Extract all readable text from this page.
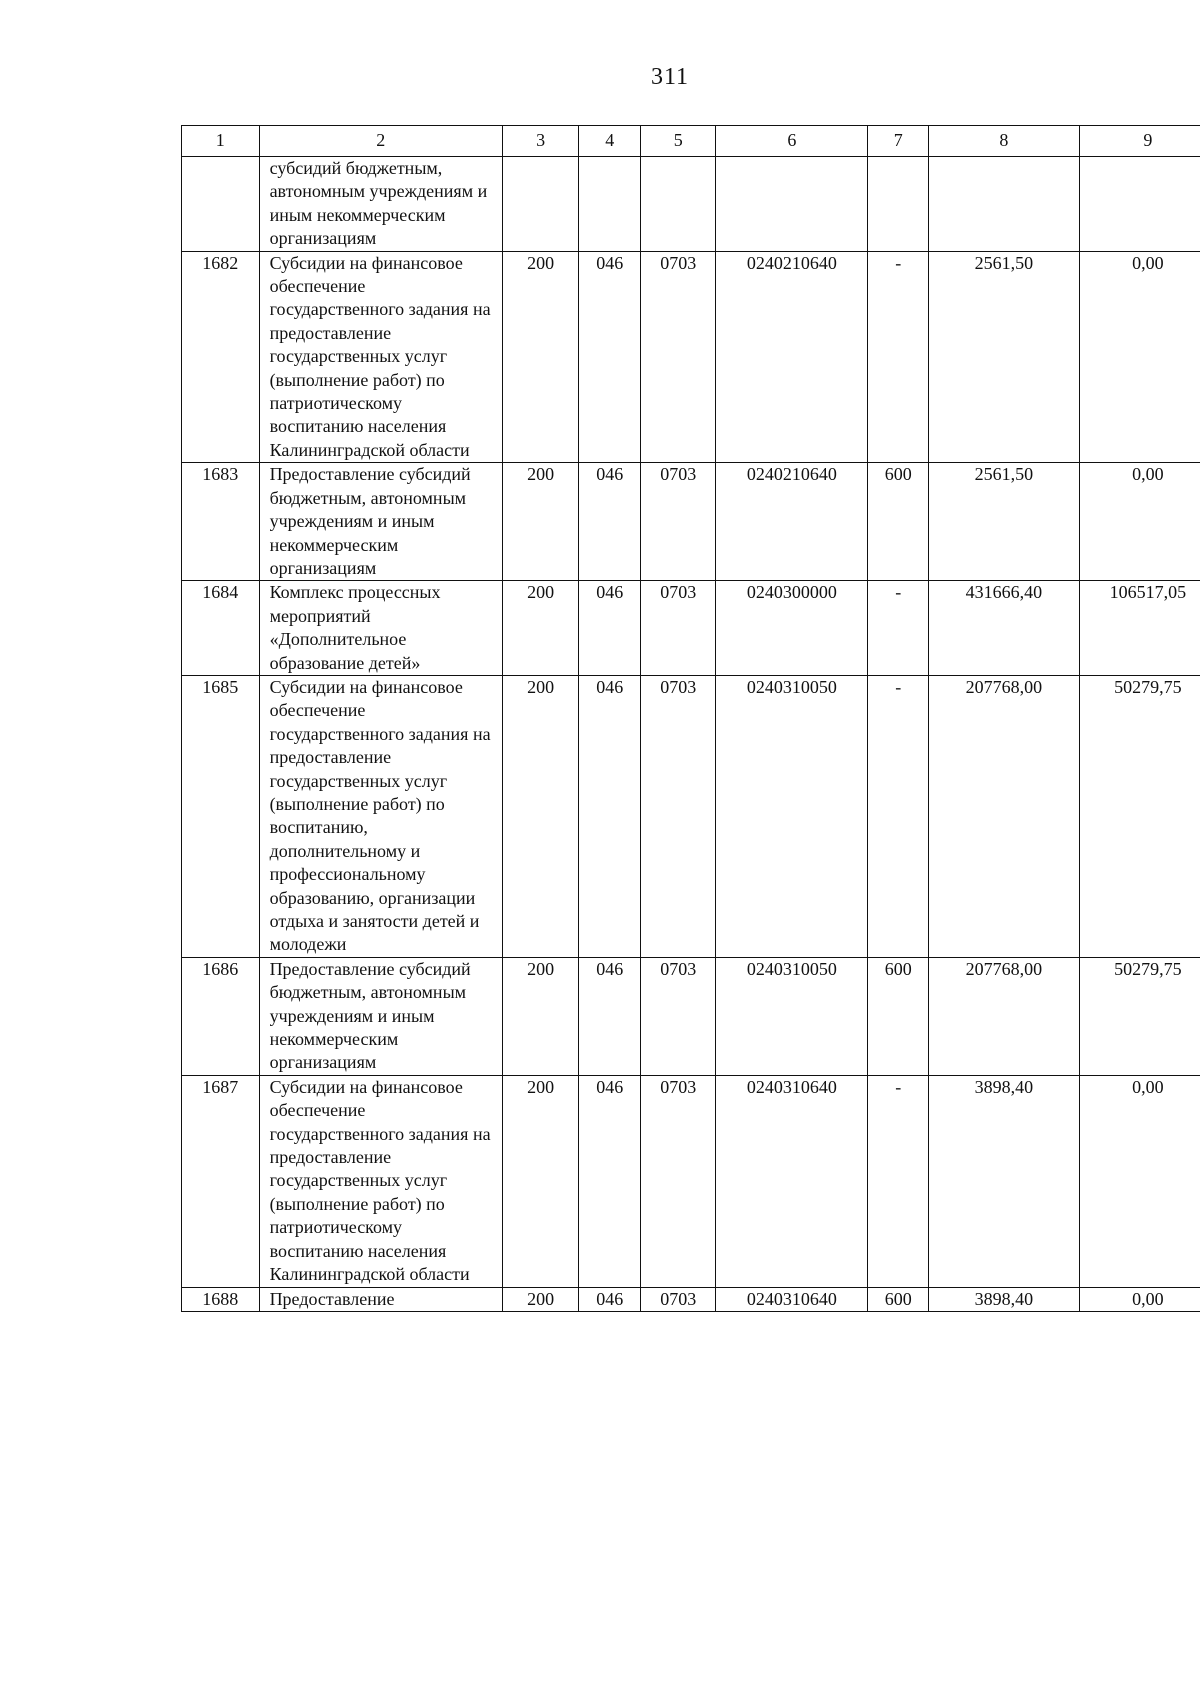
311
1	2	3	4	5	6	7	8	9
	субсидий бюджетным, автономным учреждениям и иным некоммерческим организациям							
1682	Субсидии на финансовое обеспечение государственного задания на предоставление государственных услуг (выполнение работ) по патриотическому воспитанию населения Калининградской области	200	046	0703	0240210640	-	2561,50	0,00
1683	Предоставление субсидий бюджетным, автономным учреждениям и иным некоммерческим организациям	200	046	0703	0240210640	600	2561,50	0,00
1684	Комплекс процессных мероприятий «Дополнительное образование детей»	200	046	0703	0240300000	-	431666,40	106517,05
1685	Субсидии на финансовое обеспечение государственного задания на предоставление государственных услуг (выполнение работ) по воспитанию, дополнительному и профессиональному образованию, организации отдыха и занятости детей и молодежи	200	046	0703	0240310050	-	207768,00	50279,75
1686	Предоставление субсидий бюджетным, автономным учреждениям и иным некоммерческим организациям	200	046	0703	0240310050	600	207768,00	50279,75
1687	Субсидии на финансовое обеспечение государственного задания на предоставление государственных услуг (выполнение работ) по патриотическому воспитанию населения Калининградской области	200	046	0703	0240310640	-	3898,40	0,00
1688	Предоставление	200	046	0703	0240310640	600	3898,40	0,00
